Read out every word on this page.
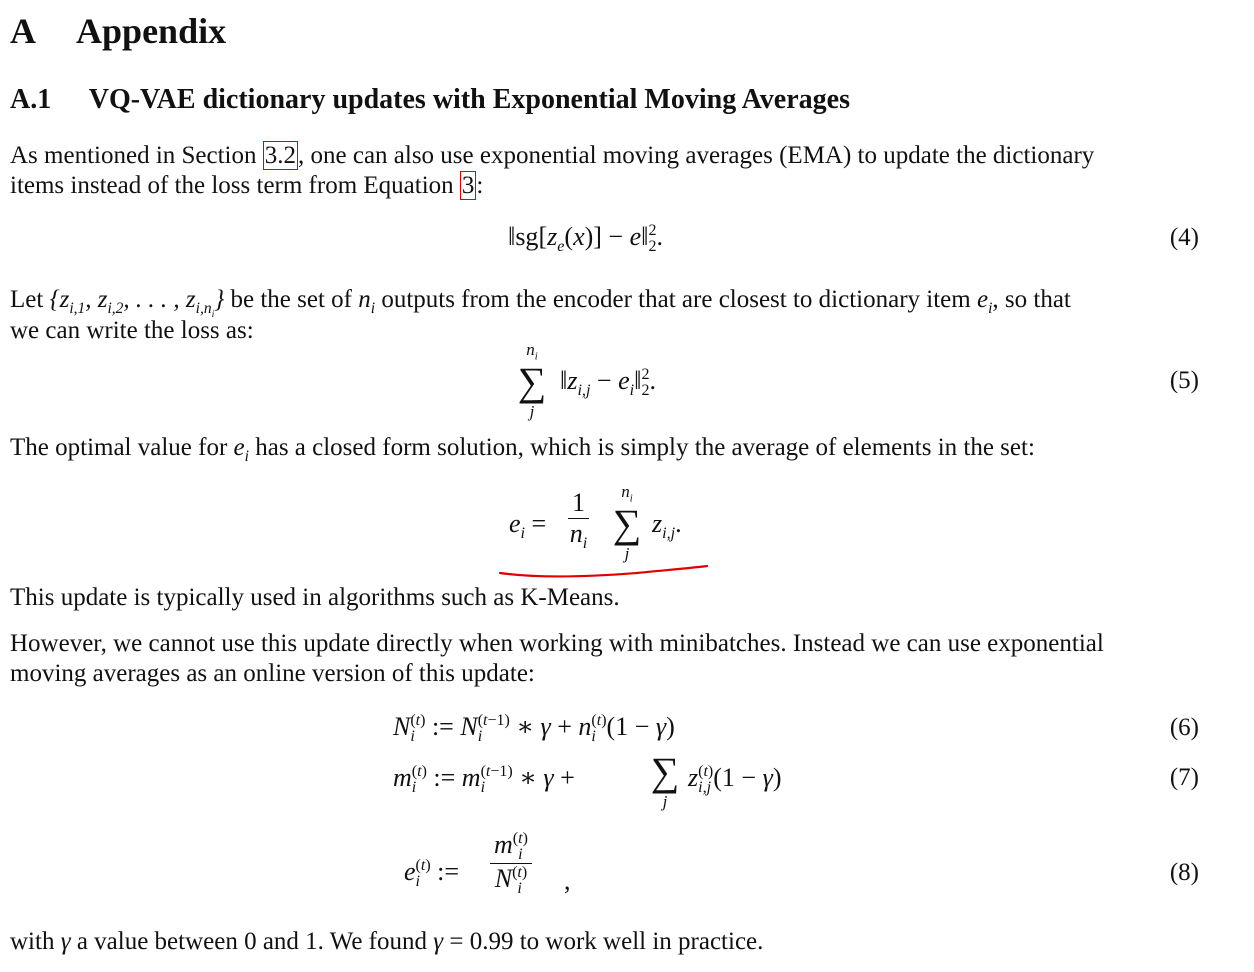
A Appendix
A.1 VQ-VAE dictionary updates with Exponential Moving Averages
As mentioned in Section 3.2, one can also use exponential moving averages (EMA) to update the dictionary
items instead of the loss term from Equation 3:
$‖sg[z_e(x)]$ − e‖ 2
2 .	(4)
Let {$z_{i,1}$, $z_{i,2}$, . . . , $z_{i,n_i}$} be the set of $n_i$ outputs from the encoder that are closest to dictionary item $e_i$, so that
we can write the loss as:
$n_i$
∑
j
$‖z_{i,j}$ − $e_i‖$ 2
2 .	(5)
The optimal value for $e_i$ has a closed form solution, which is simply the average of elements in the set:
$e_i = \frac{1}{n_i}$	$n_i$
∑
j
$z_{i,j}$.
This update is typically used in algorithms such as K-Means.
However, we cannot use this update directly when working with minibatches. Instead we can use exponential
moving averages as an online version of this update:
N (t)
i := N (t−1)
i	∗ γ + n (t)
i (1 − γ)	(6)
m (t)
i := m (t−1)
i	∗ γ + ∑
j
z (t)
i,j (1 − γ)	(7)
e (t)
i := m (t)
i
N (t)
i ,	(8)
with γ a value between 0 and 1. We found γ = 0.99 to work well in practice.
